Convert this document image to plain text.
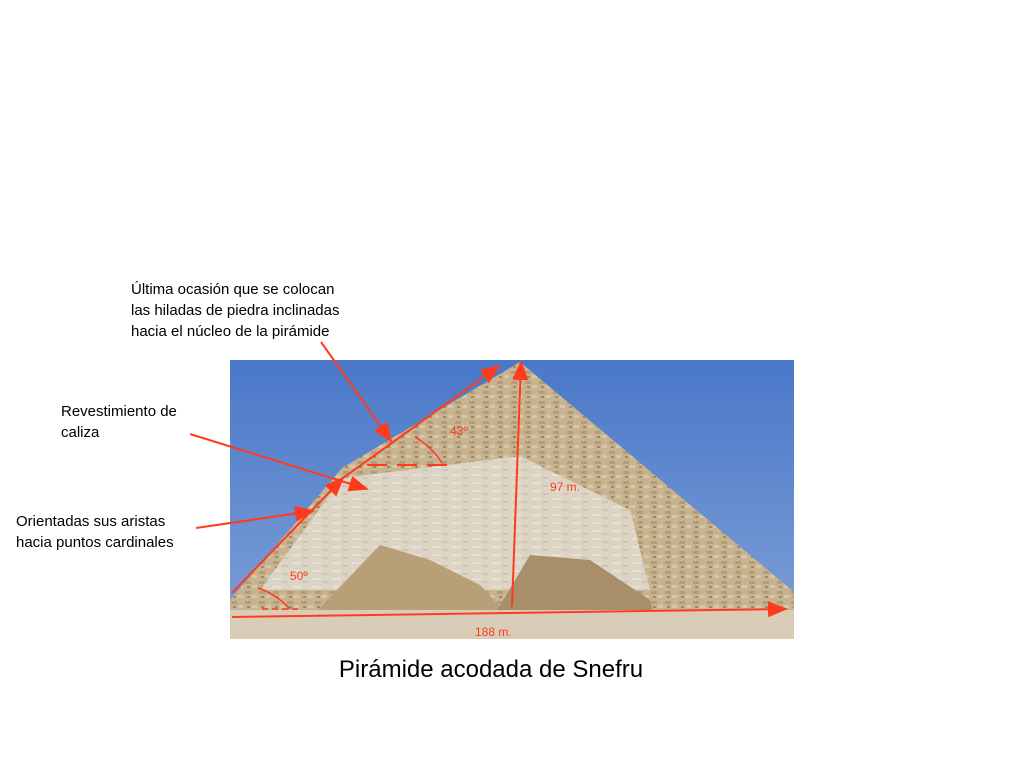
Última ocasión que se colocan
las hiladas de piedra inclinadas
hacia el núcleo de la pirámide
Revestimiento de
caliza
Orientadas sus aristas
hacia puntos cardinales
43º
97 m.
50º
188 m.
Pirámide acodada de Snefru
